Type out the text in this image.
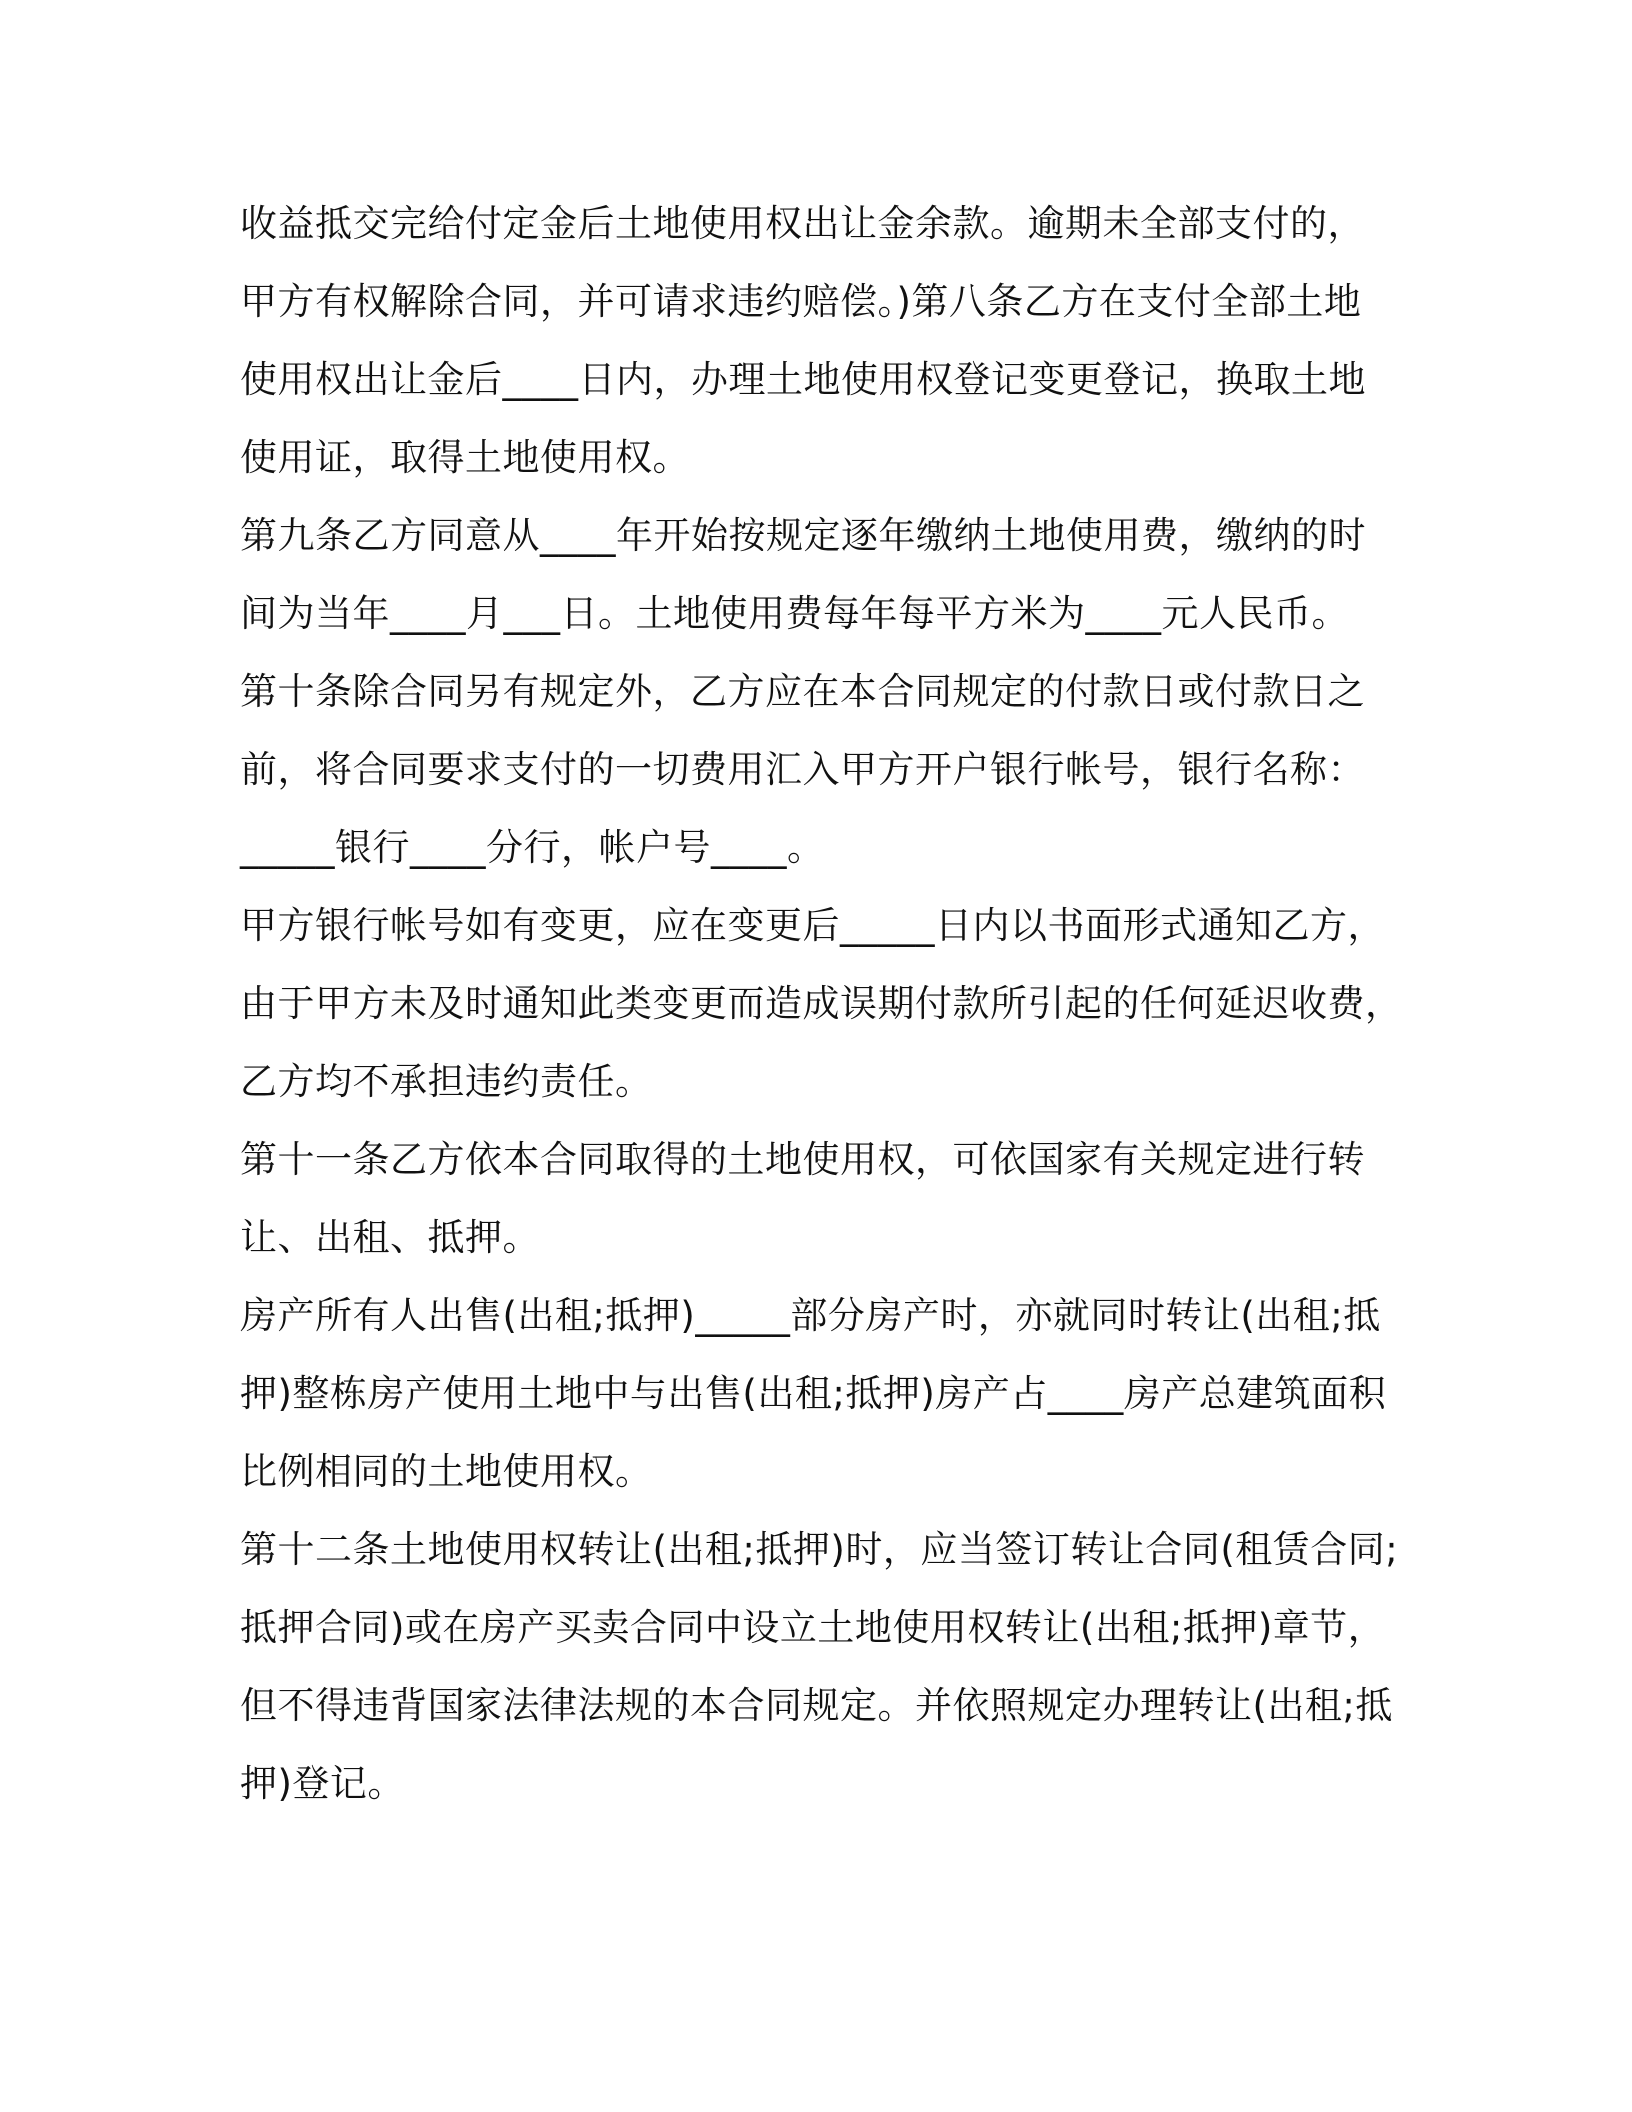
收益抵交完给付定金后土地使用权出让金余款。逾期未全部支付的，
甲方有权解除合同，并可请求违约赔偿。)第八条乙方在支付全部土地
使用权出让金后____日内，办理土地使用权登记变更登记，换取土地
使用证，取得土地使用权。
第九条乙方同意从____年开始按规定逐年缴纳土地使用费，缴纳的时
间为当年____月___日。土地使用费每年每平方米为____元人民币。
第十条除合同另有规定外，乙方应在本合同规定的付款日或付款日之
前，将合同要求支付的一切费用汇入甲方开户银行帐号，银行名称：
_____银行____分行，帐户号____。
甲方银行帐号如有变更，应在变更后_____日内以书面形式通知乙方，
由于甲方未及时通知此类变更而造成误期付款所引起的任何延迟收费，
乙方均不承担违约责任。
第十一条乙方依本合同取得的土地使用权，可依国家有关规定进行转
让、出租、抵押。
房产所有人出售(出租;抵押)_____部分房产时，亦就同时转让(出租;抵
押)整栋房产使用土地中与出售(出租;抵押)房产占____房产总建筑面积
比例相同的土地使用权。
第十二条土地使用权转让(出租;抵押)时，应当签订转让合同(租赁合同;
抵押合同)或在房产买卖合同中设立土地使用权转让(出租;抵押)章节，
但不得违背国家法律法规的本合同规定。并依照规定办理转让(出租;抵
押)登记。
